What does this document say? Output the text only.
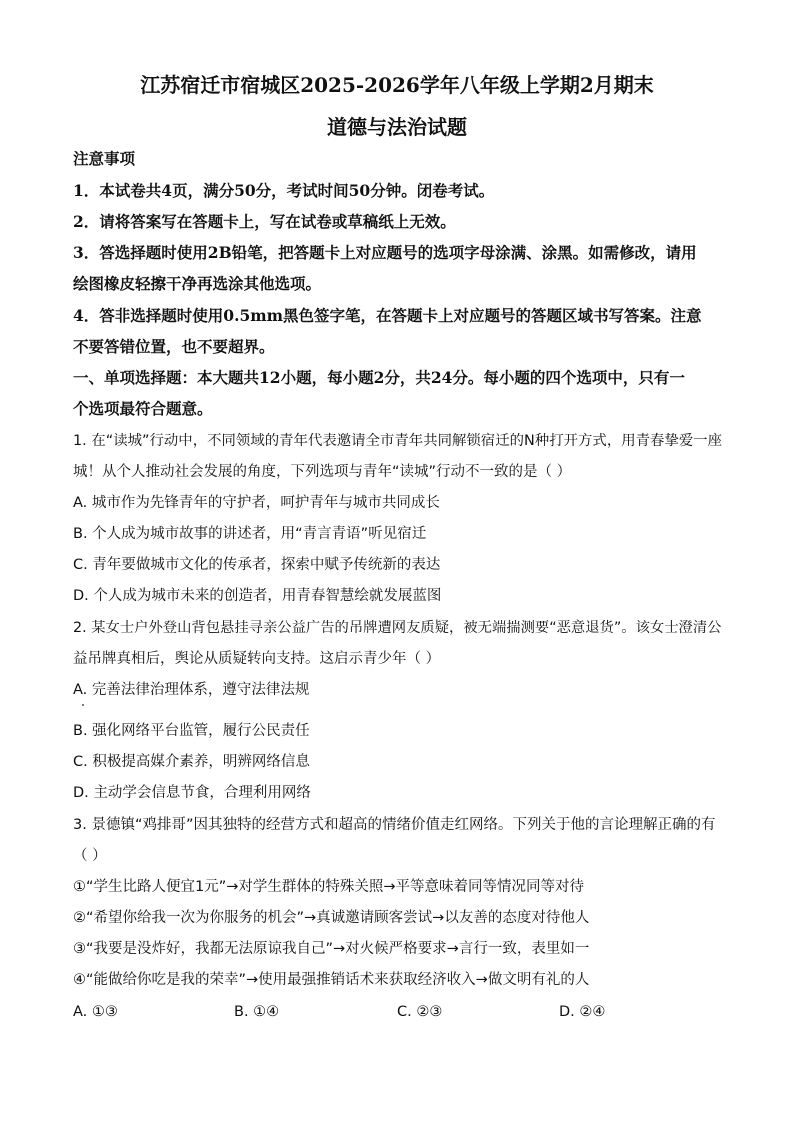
江苏宿迁市宿城区2025-2026学年八年级上学期2月期末
道德与法治试题
注意事项
1．本试卷共4页，满分50分，考试时间50分钟。闭卷考试。
2．请将答案写在答题卡上，写在试卷或草稿纸上无效。
3．答选择题时使用2B铅笔，把答题卡上对应题号的选项字母涂满、涂黑。如需修改，请用
绘图橡皮轻擦干净再选涂其他选项。
4．答非选择题时使用0.5mm黑色签字笔，在答题卡上对应题号的答题区域书写答案。注意
不要答错位置，也不要超界。
一、单项选择题：本大题共12小题，每小题2分，共24分。每小题的四个选项中，只有一
个选项最符合题意。
1. 在“读城”行动中，不同领域的青年代表邀请全市青年共同解锁宿迁的N种打开方式，用青春挚爱一座
城！从个人推动社会发展的角度，下列选项与青年“读城”行动不一致的是（ ）
A. 城市作为先锋青年的守护者，呵护青年与城市共同成长
B. 个人成为城市故事的讲述者，用“青言青语”听见宿迁
C. 青年要做城市文化的传承者，探索中赋予传统新的表达
D. 个人成为城市未来的创造者，用青春智慧绘就发展蓝图
2. 某女士户外登山背包悬挂寻亲公益广告的吊牌遭网友质疑，被无端揣测要“恶意退货”。该女士澄清公
益吊牌真相后，舆论从质疑转向支持。这启示青少年（ ）
A. 完善法律治理体系，遵守法律法规
B. 强化网络平台监管，履行公民责任
C. 积极提高媒介素养，明辨网络信息
D. 主动学会信息节食，合理利用网络
3. 景德镇“鸡排哥”因其独特的经营方式和超高的情绪价值走红网络。下列关于他的言论理解正确的有
（ ）
①“学生比路人便宜1元”→对学生群体的特殊关照→平等意味着同等情况同等对待
②“希望你给我一次为你服务的机会”→真诚邀请顾客尝试→以友善的态度对待他人
③“我要是没炸好，我都无法原谅我自己”→对火候严格要求→言行一致，表里如一
④“能做给你吃是我的荣幸”→使用最强推销话术来获取经济收入→做文明有礼的人
A. ①③	B. ①④	C. ②③	D. ②④
